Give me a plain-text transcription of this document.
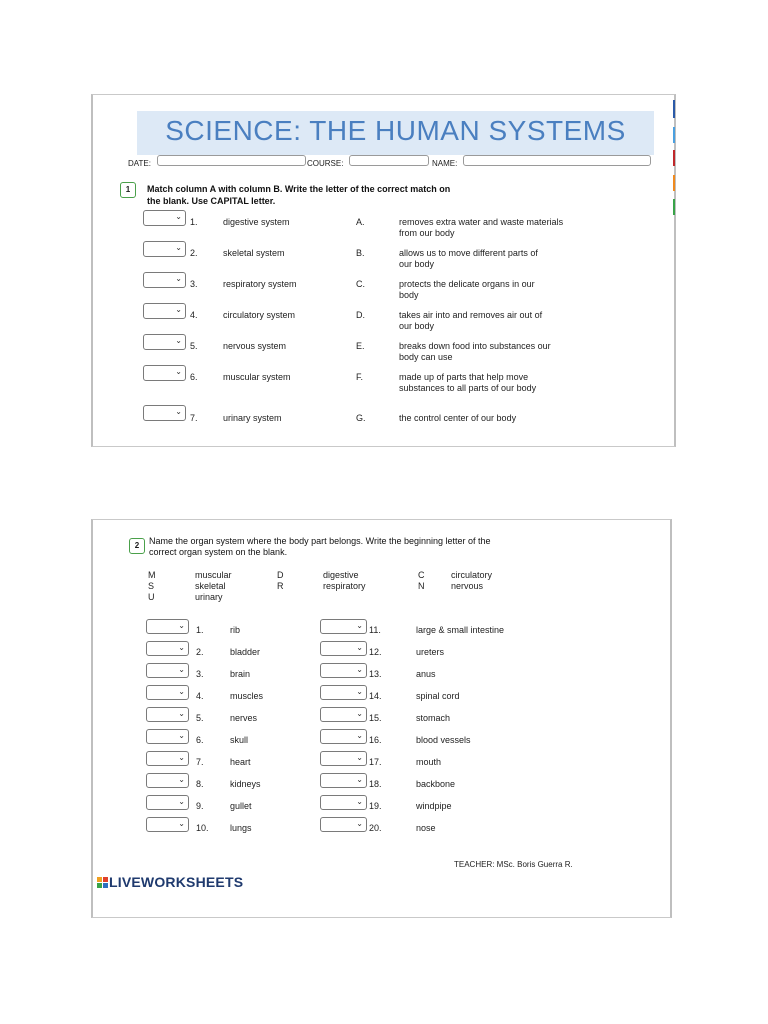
SCIENCE: THE HUMAN SYSTEMS
DATE:	COURSE:	NAME:
1	Match column A with column B. Write the letter of the correct match on
the blank. Use CAPITAL letter.
⌄
1.	digestive system	A.	removes extra water and waste materials from our body
⌄
2.	skeletal system	B.	allows us to move different parts of our body
⌄
3.	respiratory system	C.	protects the delicate organs in our body
⌄
4.	circulatory system	D.	takes air into and removes air out of our body
⌄
5.	nervous system	E.	breaks down food into substances our body can use
⌄
6.	muscular system	F.	made up of parts that help move substances to all parts of our body
⌄
7.	urinary system	G.	the control center of our body
2	Name the organ system where the body part belongs. Write the beginning letter of the
correct organ system on the blank.
M	muscular
S	skeletal
U	urinary
D	digestive
R	respiratory
C	circulatory
N	nervous
⌄ 1.	rib
⌄ 2.	bladder
⌄ 3.	brain
⌄ 4.	muscles
⌄ 5.	nerves
⌄ 6.	skull
⌄ 7.	heart
⌄ 8.	kidneys
⌄ 9.	gullet
⌄ 10. lungs
⌄ 11.	large & small intestine
⌄ 12.	ureters
⌄ 13.	anus
⌄ 14.	spinal cord
⌄ 15.	stomach
⌄ 16.	blood vessels
⌄ 17.	mouth
⌄ 18.	backbone
⌄ 19.	windpipe
⌄ 20.	nose
TEACHER: MSc. Boris Guerra R.
LIVEWORKSHEETS
